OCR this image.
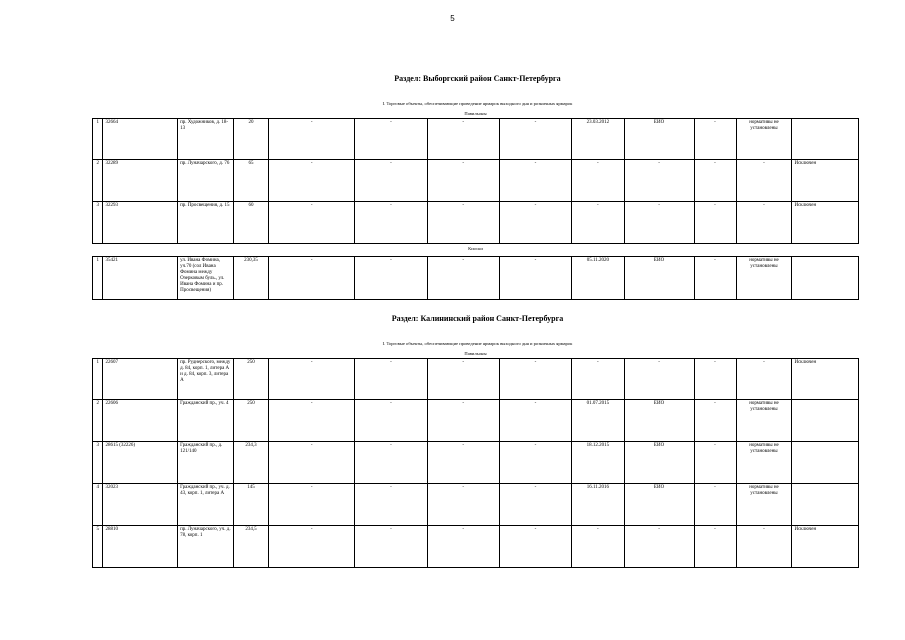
5
Раздел: Выборгский район Санкт-Петербурга
I. Торговые объекты, обеспечивающие проведение ярмарок выходного дня и розничных ярмарок
Павильоны
1	32664	пр. Художников, д. 18-13	20	-	-	-	-	23.03.2012	ЕИО	-	нормативы не установлены	
2	32289	пр. Луначарского, д. 76	65	-	-	-	-	-	-	-	-	Исключен
3	32293	пр. Просвещения, д. 15	60	-	-	-	-	-	-	-	-	Исключен
Киоски
1	35421	ул. Ивана Фомина, уч.70 (сол Ивана Фомина между Озерковым буль., ул. Ивана Фомина и пр. Просвещения)	230,35	-	-	-	-	05.11.2020	ЕИО	-	нормативы не установлены	
Раздел: Калининский район Санкт-Петербурга
I. Торговые объекты, обеспечивающие проведение ярмарок выходного дня и розничных ярмарок
Павильоны
1	22607	пр. Руднерского, между д. 84, корп. 1, литера А и д. 84, корп. 3, литера А	250	-	-	-	-	-	-	-	-	Исключен
2	22606	Гражданский пр., уч. 4	250	-	-	-	-	01.07.2015	ЕИО	-	нормативы не установлены	
3	28615 (32226)	Гражданский пр., д. 121/140	234,3	-	-	-	-	18.12.2015	ЕИО	-	нормативы не установлены	
4	32023	Гражданский пр., уч. д. 43, корп. 1, литера А	145	-	-	-	-	16.11.2016	ЕИО	-	нормативы не установлены	
5	28810	пр. Луначарского, уч. д. 78, корп. 1	234,5	-	-	-	-	-	-	-	-	Исключен
